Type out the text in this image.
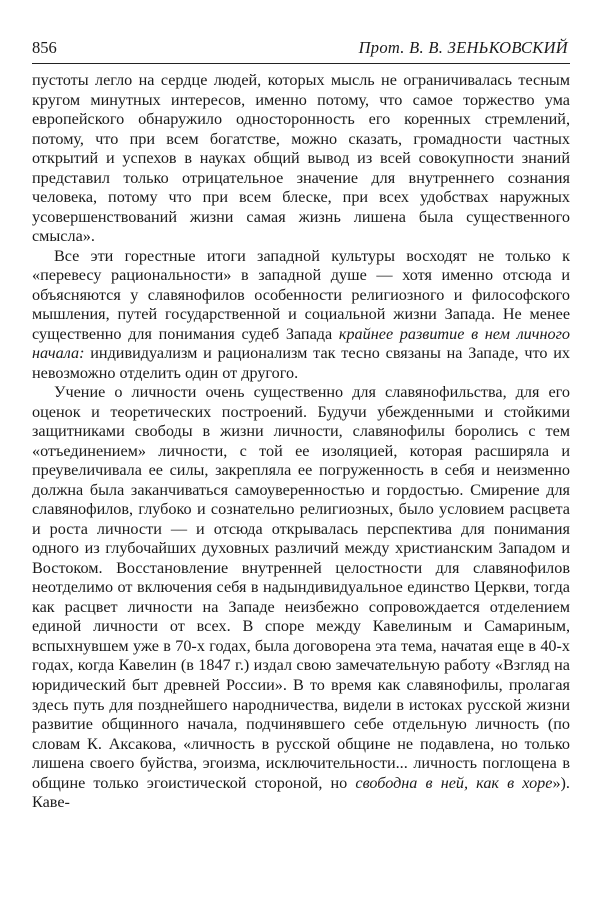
856	Прот. В. В. ЗЕНЬКОВСКИЙ

пустоты легло на сердце людей, которых мысль не ограничивалась тесным кругом минутных интересов, именно потому, что самое торжество ума европейского обнаружило односторонность его коренных стремлений, потому, что при всем богатстве, можно сказать, громадности частных открытий и успехов в науках общий вывод из всей совокупности знаний представил только отрицательное значение для внутреннего сознания человека, потому что при всем блеске, при всех удобствах наружных усовершенствований жизни самая жизнь лишена была существенного смысла».

Все эти горестные итоги западной культуры восходят не только к «перевесу рациональности» в западной душе — хотя именно отсюда и объясняются у славянофилов особенности религиозного и философского мышления, путей государственной и социальной жизни Запада. Не менее существенно для понимания судеб Запада крайнее развитие в нем личного начала: индивидуализм и рационализм так тесно связаны на Западе, что их невозможно отделить один от другого.

Учение о личности очень существенно для славянофильства, для его оценок и теоретических построений. Будучи убежденными и стойкими защитниками свободы в жизни личности, славянофилы боролись с тем «отъединением» личности, с той ее изоляцией, которая расширяла и преувеличивала ее силы, закрепляла ее погруженность в себя и неизменно должна была заканчиваться самоуверенностью и гордостью. Смирение для славянофилов, глубоко и сознательно религиозных, было условием расцвета и роста личности — и отсюда открывалась перспектива для понимания одного из глубочайших духовных различий между христианским Западом и Востоком. Восстановление внутренней целостности для славянофилов неотделимо от включения себя в надындивидуальное единство Церкви, тогда как расцвет личности на Западе неизбежно сопровождается отделением единой личности от всех. В споре между Кавелиным и Самариным, вспыхнувшем уже в 70-х годах, была договорена эта тема, начатая еще в 40-х годах, когда Кавелин (в 1847 г.) издал свою замечательную работу «Взгляд на юридический быт древней России». В то время как славянофилы, пролагая здесь путь для позднейшего народничества, видели в истоках русской жизни развитие общинного начала, подчинявшего себе отдельную личность (по словам К. Аксакова, «личность в русской общине не подавлена, но только лишена своего буйства, эгоизма, исключительности... личность поглощена в общине только эгоистической стороной, но свободна в ней, как в хоре»). Каве-
